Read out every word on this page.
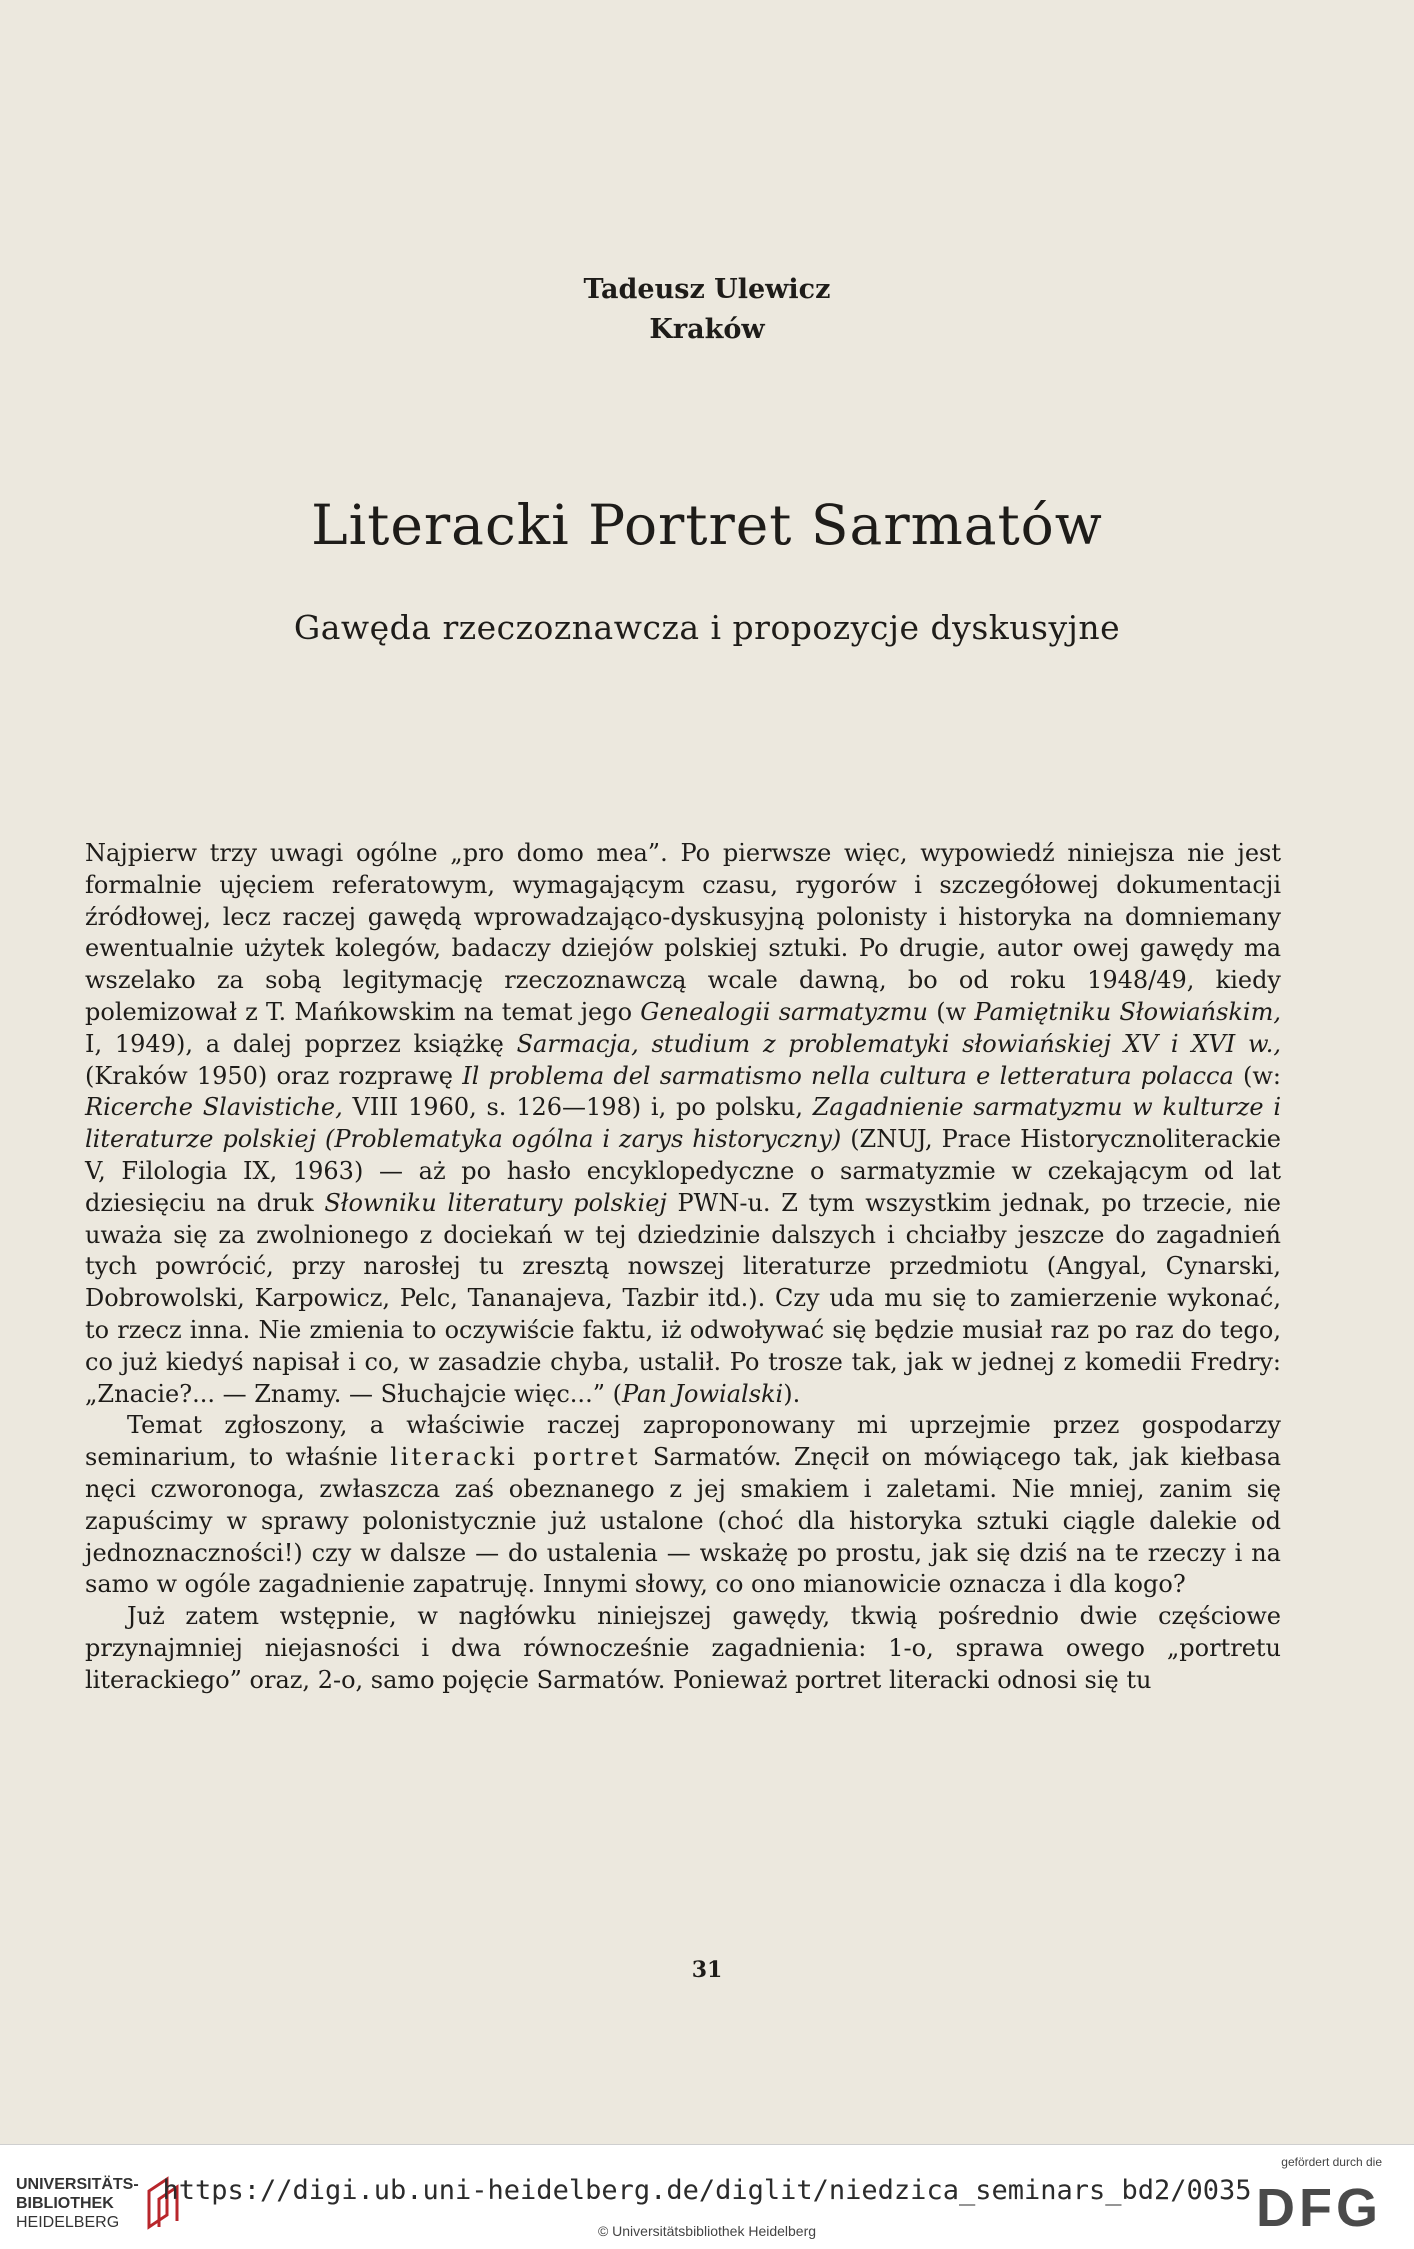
Tadeusz Ulewicz
Kraków
Literacki Portret Sarmatów
Gawęda rzeczoznawcza i propozycje dyskusyjne

Najpierw trzy uwagi ogólne „pro domo mea”. Po pierwsze więc, wypowiedź niniejsza nie jest formalnie ujęciem referatowym, wymagającym czasu, rygorów i szczegółowej dokumentacji źródłowej, lecz raczej gawędą wprowadzająco-dyskusyjną polonisty i historyka na domniemany ewentualnie użytek kolegów, badaczy dziejów polskiej sztuki. Po drugie, autor owej gawędy ma wszelako za sobą legitymację rzeczoznawczą wcale dawną, bo od roku 1948/49, kiedy polemizował z T. Mańkowskim na temat jego Genealogii sarmatyzmu (w Pamiętniku Słowiańskim, I, 1949), a dalej poprzez książkę Sarmacja, studium z problematyki słowiańskiej XV i XVI w., (Kraków 1950) oraz rozprawę Il problema del sarmatismo nella cultura e letteratura polacca (w: Ricerche Slavistiche, VIII 1960, s. 126—198) i, po polsku, Zagadnienie sarmatyzmu w kulturze i literaturze polskiej (Problematyka ogólna i zarys historyczny) (ZNUJ, Prace Historycznoliterackie V, Filologia IX, 1963) — aż po hasło encyklopedyczne o sarmatyzmie w czekającym od lat dziesięciu na druk Słowniku literatury polskiej PWN-u. Z tym wszystkim jednak, po trzecie, nie uważa się za zwolnionego z dociekań w tej dziedzinie dalszych i chciałby jeszcze do zagadnień tych powrócić, przy narosłej tu zresztą nowszej literaturze przedmiotu (Angyal, Cynarski, Dobrowolski, Karpowicz, Pelc, Tananajeva, Tazbir itd.). Czy uda mu się to zamierzenie wykonać, to rzecz inna. Nie zmienia to oczywiście faktu, iż odwoływać się będzie musiał raz po raz do tego, co już kiedyś napisał i co, w zasadzie chyba, ustalił. Po trosze tak, jak w jednej z komedii Fredry: „Znacie?... — Znamy. — Słuchajcie więc...” (Pan Jowialski).

Temat zgłoszony, a właściwie raczej zaproponowany mi uprzejmie przez gospodarzy seminarium, to właśnie literacki portret Sarmatów. Znęcił on mówiącego tak, jak kiełbasa nęci czworonoga, zwłaszcza zaś obeznanego z jej smakiem i zaletami. Nie mniej, zanim się zapuścimy w sprawy polonistycznie już ustalone (choć dla historyka sztuki ciągle dalekie od jednoznaczności!) czy w dalsze — do ustalenia — wskażę po prostu, jak się dziś na te rzeczy i na samo w ogóle zagadnienie zapatruję. Innymi słowy, co ono mianowicie oznacza i dla kogo?

Już zatem wstępnie, w nagłówku niniejszej gawędy, tkwią pośrednio dwie częściowe przynajmniej niejasności i dwa równocześnie zagadnienia: 1-o, sprawa owego „portretu literackiego” oraz, 2-o, samo pojęcie Sarmatów. Ponieważ portret literacki odnosi się tu

31
UNIVERSITÄTS-
BIBLIOTHEK
HEIDELBERG
https://digi.ub.uni-heidelberg.de/diglit/niedzica_seminars_bd2/0035
© Universitätsbibliothek Heidelberg
gefördert durch die
DFG
